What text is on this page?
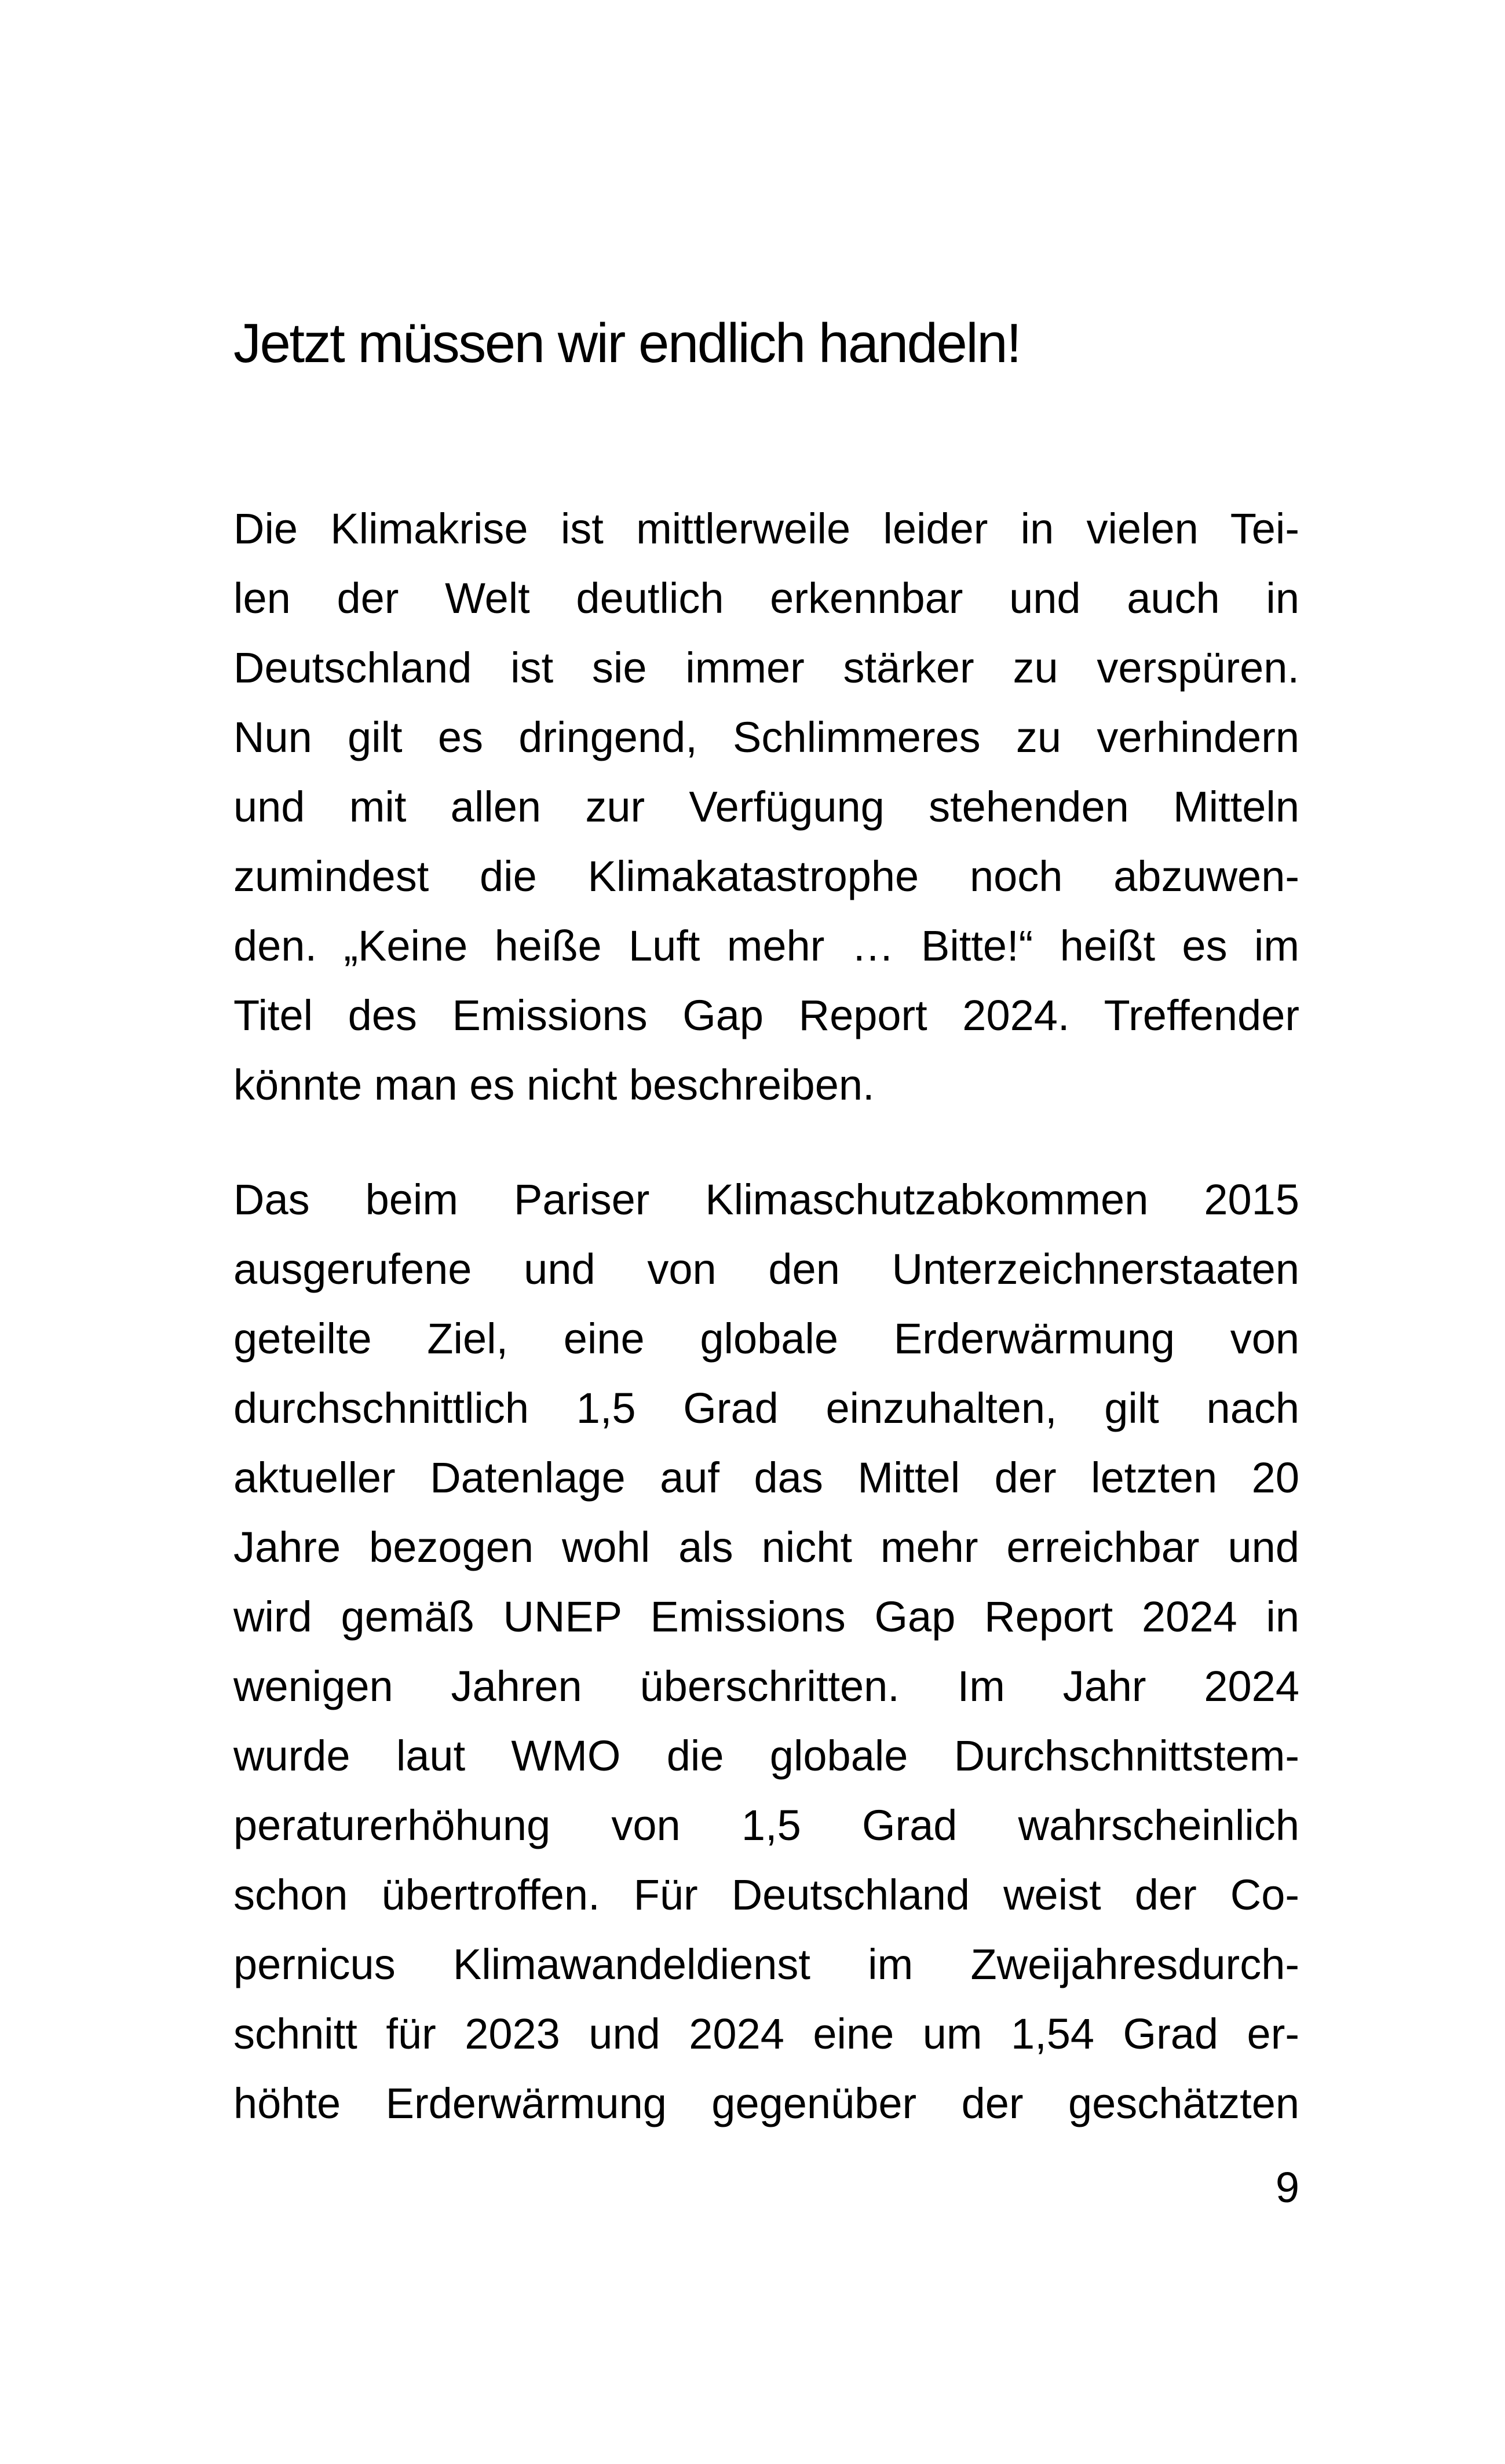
Jetzt müssen wir endlich handeln!
Die Klimakrise ist mittlerweile leider in vielen Tei-
len der Welt deutlich erkennbar und auch in
Deutschland ist sie immer stärker zu verspüren.
Nun gilt es dringend, Schlimmeres zu verhindern
und mit allen zur Verfügung stehenden Mitteln
zumindest die Klimakatastrophe noch abzuwen-
den. „Keine heiße Luft mehr … Bitte!“ heißt es im
Titel des Emissions Gap Report 2024. Treffender
könnte man es nicht beschreiben.
Das beim Pariser Klimaschutzabkommen 2015
ausgerufene und von den Unterzeichnerstaaten
geteilte Ziel, eine globale Erderwärmung von
durchschnittlich 1,5 Grad einzuhalten, gilt nach
aktueller Datenlage auf das Mittel der letzten 20
Jahre bezogen wohl als nicht mehr erreichbar und
wird gemäß UNEP Emissions Gap Report 2024 in
wenigen Jahren überschritten. Im Jahr 2024
wurde laut WMO die globale Durchschnittstem-
peraturerhöhung von 1,5 Grad wahrscheinlich
schon übertroffen. Für Deutschland weist der Co-
pernicus Klimawandeldienst im Zweijahresdurch-
schnitt für 2023 und 2024 eine um 1,54 Grad er-
höhte Erderwärmung gegenüber der geschätzten

9
